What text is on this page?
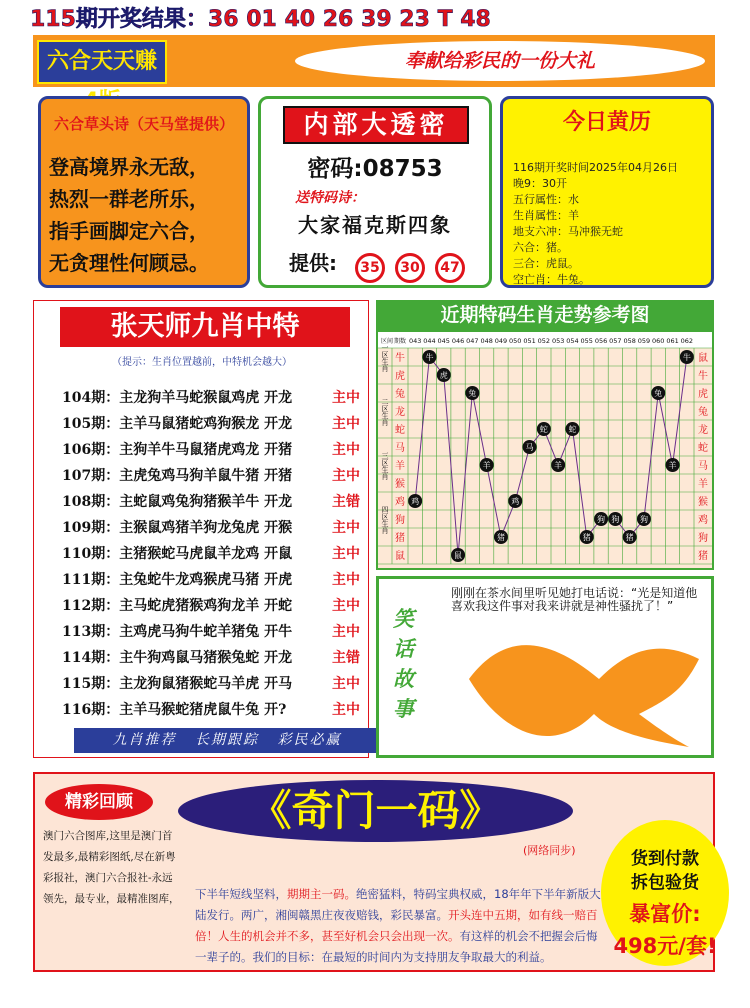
115期开奖结果：36 01 40 26 39 23 T 48
六合天天赚	奉献给彩民的一份大礼
六合草头诗（天马堂提供）
登高境界永无敌，
热烈一群老所乐，
指手画脚定六合，
无贪理性何顾忌。
内部大透密
密码:08753
送特码诗：
大家福克斯四象
提供:	35	30	47
今日黄历
116期开奖时间2025年04月26日
晚9：30开
五行属性：水
生肖属性：羊
地支六冲：马冲猴无蛇
六合：猪。
三合：虎鼠。
空亡肖：牛兔。
张天师九肖中特
（提示：生肖位置越前，中特机会越大）
104期：主龙狗羊马蛇猴鼠鸡虎 开龙	主中
105期：主羊马鼠猪蛇鸡狗猴龙 开龙	主中
106期：主狗羊牛马鼠猪虎鸡龙 开猪	主中
107期：主虎兔鸡马狗羊鼠牛猪 开猪	主中
108期：主蛇鼠鸡兔狗猪猴羊牛 开龙	主错
109期：主猴鼠鸡猪羊狗龙兔虎 开猴	主中
110期：主猪猴蛇马虎鼠羊龙鸡 开鼠	主中
111期：主兔蛇牛龙鸡猴虎马猪 开虎	主中
112期：主马蛇虎猪猴鸡狗龙羊 开蛇	主中
113期：主鸡虎马狗牛蛇羊猪兔 开牛	主中
114期：主牛狗鸡鼠马猪猴兔蛇 开龙	主错
115期：主龙狗鼠猪猴蛇马羊虎 开马	主中
116期：主羊马猴蛇猪虎鼠牛兔 开?	主中
九肖推荐 长期跟踪 彩民必赢
近期特码生肖走势参考图
区间 期数 043 044 045 046 047 048 049 050 051 052 053 054 055 056 057 058 059 060 061 062
一区生肖
二区生肖
三区生肖
四区生肖
牛
虎
兔
龙
蛇
马
羊
猴
鸡
狗
猪
鼠
鼠
牛
虎
兔
龙
蛇
马
羊
猴
鸡
狗
猪
鸡
牛
虎
鼠
兔
羊
猪
鸡
马
蛇
羊
蛇
猪
狗 狗
猪
狗
兔
羊
牛
笑话故事
刚刚在茶水间里听见她打电话说：“光是知道他喜欢我这件事对我来讲就是神性骚扰了！”
精彩回顾
澳门六合图库,这里是澳门首发最多,最精彩图纸,尽在新粤彩报社，澳门六合报社-永远领先，最专业，最精准图库，
《奇门一码》
(网络同步)
下半年短线坚料，期期主一码。绝密猛料，特码宝典权威，18年年下半年新版大陆发行。两广，湘闽赣黑庄夜夜赔钱，彩民暴富。开头连中五期，如有线一赔百倍！人生的机会并不多，甚至好机会只会出现一次。有这样的机会不把握会后悔一辈子的。我们的目标：在最短的时间内为支持朋友争取最大的利益。
货到付款
拆包验货
暴富价:
498元/套!
